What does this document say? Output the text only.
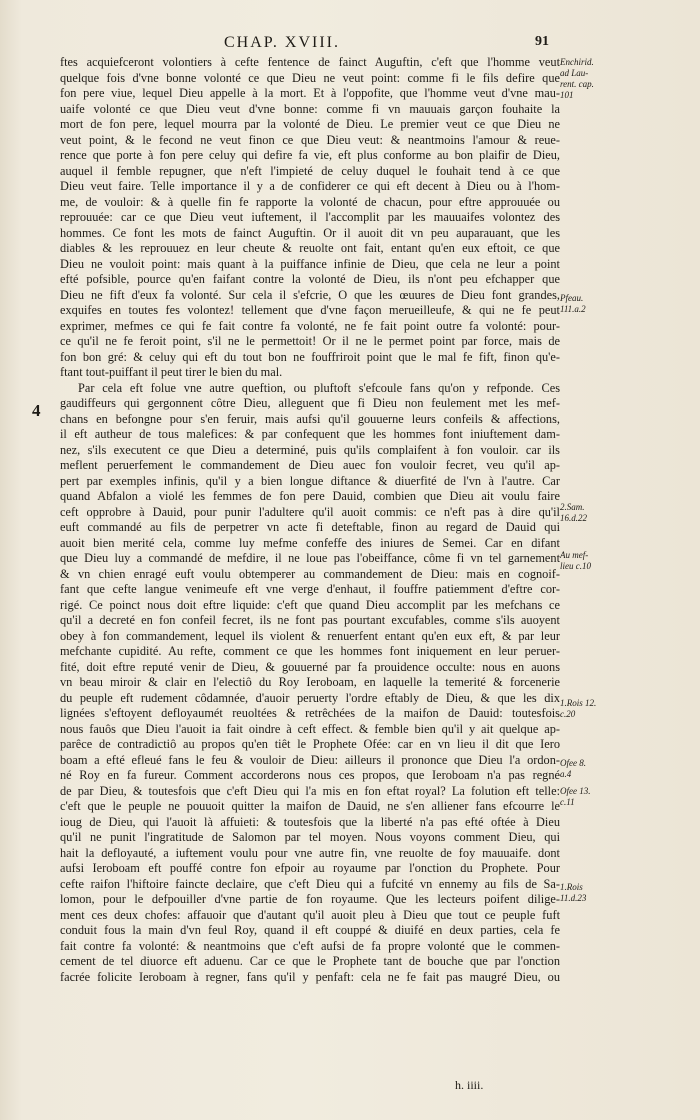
CHAP. XVIII.	91
4
ftes acquiefceront volontiers à cefte fentence de fainct Auguftin, c'eft que l'homme veut
quelque fois d'vne bonne volonté ce que Dieu ne veut point: comme fi le fils defire que
fon pere viue, lequel Dieu appelle à la mort. Et à l'oppofite, que l'homme veut d'vne mau-
uaife volonté ce que Dieu veut d'vne bonne: comme fi vn mauuais garçon fouhaite la
mort de fon pere, lequel mourra par la volonté de Dieu. Le premier veut ce que Dieu ne
veut point, & le fecond ne veut finon ce que Dieu veut: & neantmoins l'amour & reue-
rence que porte à fon pere celuy qui defire fa vie, eft plus conforme au bon plaifir de Dieu,
auquel il femble repugner, que n'eft l'impieté de celuy duquel le fouhait tend à ce que
Dieu veut faire. Telle importance il y a de confiderer ce qui eft decent à Dieu ou à l'hom-
me, de vouloir: & à quelle fin fe rapporte la volonté de chacun, pour eftre approuuée ou
reprouuée: car ce que Dieu veut iuftement, il l'accomplit par les mauuaifes volontez des
hommes. Ce font les mots de fainct Auguftin. Or il auoit dit vn peu auparauant, que les
diables & les reprouuez en leur cheute & reuolte ont fait, entant qu'en eux eftoit, ce que
Dieu ne vouloit point: mais quant à la puiffance infinie de Dieu, que cela ne leur a point
efté pofsible, pource qu'en faifant contre la volonté de Dieu, ils n'ont peu efchapper que
Dieu ne fift d'eux fa volonté. Sur cela il s'efcrie, O que les œuures de Dieu font grandes,
exquifes en toutes fes volontez! tellement que d'vne façon merueilleufe, & qui ne fe peut
exprimer, mefmes ce qui fe fait contre fa volonté, ne fe fait point outre fa volonté: pour-
ce qu'il ne fe feroit point, s'il ne le permettoit! Or il ne le permet point par force, mais de
fon bon gré: & celuy qui eft du tout bon ne fouffriroit point que le mal fe fift, finon qu'e-
ftant tout-puiffant il peut tirer le bien du mal.
Par cela eft folue vne autre queftion, ou pluftoft s'efcoule fans qu'on y refponde. Ces
gaudiffeurs qui gergonnent côtre Dieu, alleguent que fi Dieu non feulement met les mef-
chans en befongne pour s'en feruir, mais aufsi qu'il gouuerne leurs confeils & affections,
il eft autheur de tous malefices: & par confequent que les hommes font iniuftement dam-
nez, s'ils executent ce que Dieu a determiné, puis qu'ils complaifent à fon vouloir. car ils
meflent peruerfement le commandement de Dieu auec fon vouloir fecret, veu qu'il ap-
pert par exemples infinis, qu'il y a bien longue diftance & diuerfité de l'vn à l'autre. Car
quand Abfalon a violé les femmes de fon pere Dauid, combien que Dieu ait voulu faire
ceft opprobre à Dauid, pour punir l'adultere qu'il auoit commis: ce n'eft pas à dire qu'il
euft commandé au fils de perpetrer vn acte fi deteftable, finon au regard de Dauid qui
auoit bien merité cela, comme luy mefme confeffe des iniures de Semei. Car en difant
que Dieu luy a commandé de mefdire, il ne loue pas l'obeiffance, côme fi vn tel garnement
& vn chien enragé euft voulu obtemperer au commandement de Dieu: mais en cognoif-
fant que cefte langue venimeufe eft vne verge d'enhaut, il fouffre patiemment d'eftre cor-
rigé. Ce poinct nous doit eftre liquide: c'eft que quand Dieu accomplit par les mefchans ce
qu'il a decreté en fon confeil fecret, ils ne font pas pourtant excufables, comme s'ils auoyent
obey à fon commandement, lequel ils violent & renuerfent entant qu'en eux eft, & par leur
mefchante cupidité. Au refte, comment ce que les hommes font iniquement en leur peruer-
fité, doit eftre reputé venir de Dieu, & gouuerné par fa prouidence occulte: nous en auons
vn beau miroir & clair en l'electiô du Roy Ieroboam, en laquelle la temerité & forcenerie
du peuple eft rudement côdamnée, d'auoir peruerty l'ordre eftably de Dieu, & que les dix
lignées s'eftoyent defloyaumét reuoltées & retrêchées de la maifon de Dauid: toutesfois
nous fauôs que Dieu l'auoit ia fait oindre à ceft effect. & femble bien qu'il y ait quelque ap-
parêce de contradictiô au propos qu'en tiêt le Prophete Ofée: car en vn lieu il dit que Iero
boam a efté efleué fans le feu & vouloir de Dieu: ailleurs il prononce que Dieu l'a ordon-
né Roy en fa fureur. Comment accorderons nous ces propos, que Ieroboam n'a pas regné
de par Dieu, & toutesfois que c'eft Dieu qui l'a mis en fon eftat royal? La folution eft telle:
c'eft que le peuple ne pouuoit quitter la maifon de Dauid, ne s'en alliener fans efcourre le
ioug de Dieu, qui l'auoit là affuieti: & toutesfois que la liberté n'a pas efté oftée à Dieu
qu'il ne punit l'ingratitude de Salomon par tel moyen. Nous voyons comment Dieu, qui
hait la defloyauté, a iuftement voulu pour vne autre fin, vne reuolte de foy mauuaife. dont
aufsi Ieroboam eft pouffé contre fon efpoir au royaume par l'onction du Prophete. Pour
cefte raifon l'hiftoire faincte declaire, que c'eft Dieu qui a fufcité vn ennemy au fils de Sa-
lomon, pour le defpouiller d'vne partie de fon royaume. Que les lecteurs poifent dilige-
ment ces deux chofes: affauoir que d'autant qu'il auoit pleu à Dieu que tout ce peuple fuft
conduit fous la main d'vn feul Roy, quand il eft couppé & diuifé en deux parties, cela fe
fait contre fa volonté: & neantmoins que c'eft aufsi de fa propre volonté que le commen-
cement de tel diuorce eft aduenu. Car ce que le Prophete tant de bouche que par l'onction
facrée folicite Ieroboam à regner, fans qu'il y penfaft: cela ne fe fait pas maugré Dieu, ou
Enchirid.
ad Lau-
rent. cap.
101
Pfeau.
111.a.2
2.Sam.
16.d.22
Au mef-
lieu c.10
1.Rois 12.
c.20
Ofee 8.
a.4
Ofee 13.
c.11
1.Rois
11.d.23
h. iiii.
